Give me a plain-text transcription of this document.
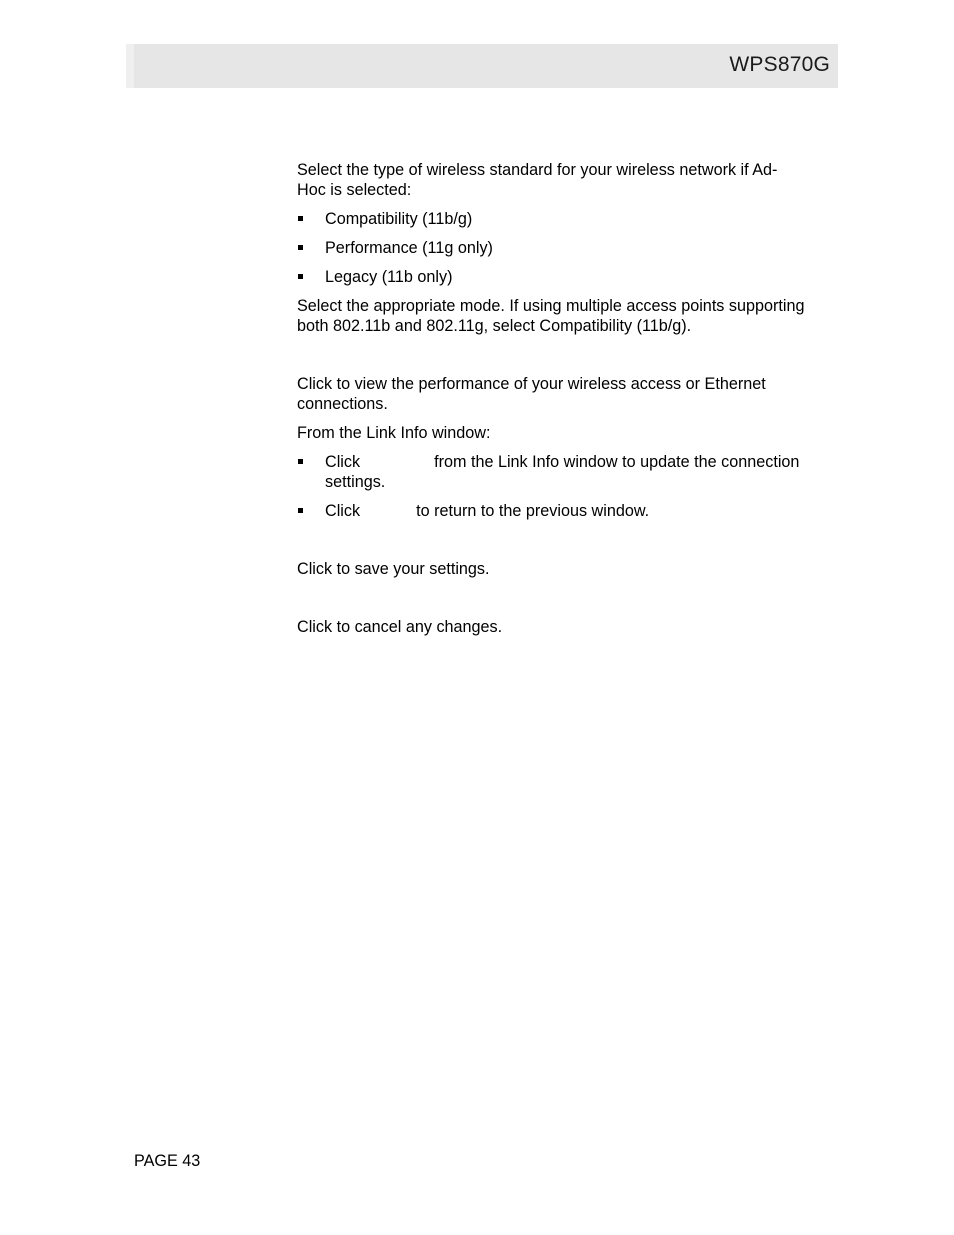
WPS870G

Select the type of wireless standard for your wireless network if Ad-Hoc is selected:

Compatibility (11b/g)
Performance (11g only)
Legacy (11b only)

Select the appropriate mode. If using multiple access points supporting both 802.11b and 802.11g, select Compatibility (11b/g).

Click to view the performance of your wireless access or Ethernet connections.

From the Link Info window:

Click	from the Link Info window to update the connection settings.
Click	to return to the previous window.

Click to save your settings.

Click to cancel any changes.

PAGE 43
